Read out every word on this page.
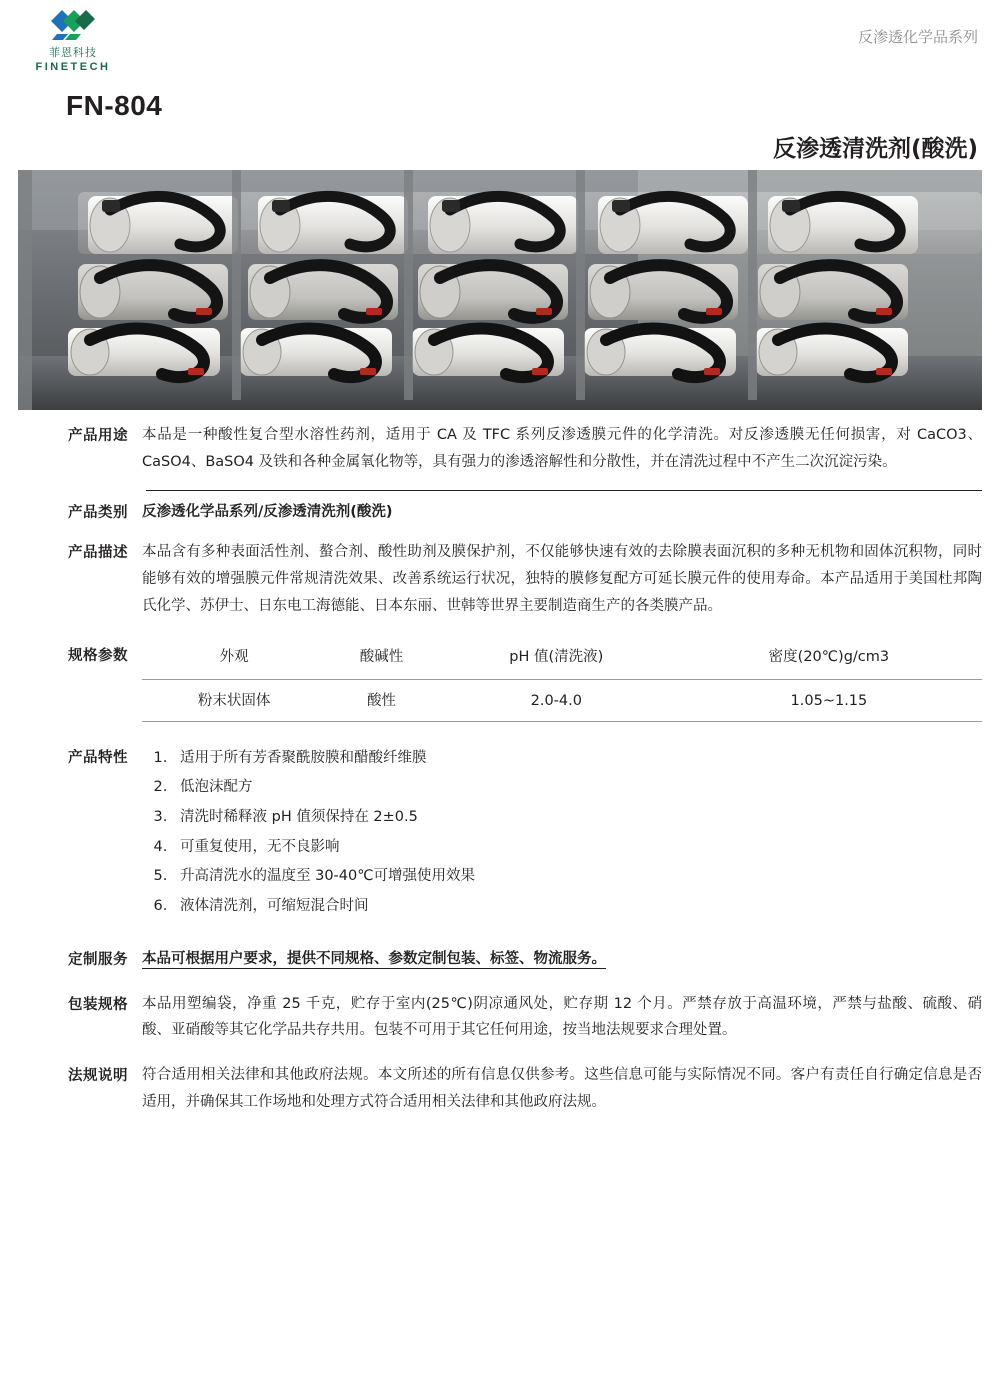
菲恩科技
FINETECH
反渗透化学品系列
FN-804
反渗透清洗剂(酸洗)
产品用途 本品是一种酸性复合型水溶性药剂，适用于 CA 及 TFC 系列反渗透膜元件的化学清洗。对反渗透膜无任何损害，对 CaCO3、CaSO4、BaSO4 及铁和各种金属氧化物等，具有强力的渗透溶解性和分散性，并在清洗过程中不产生二次沉淀污染。
产品类别 反渗透化学品系列/反渗透清洗剂(酸洗)
产品描述 本品含有多种表面活性剂、螯合剂、酸性助剂及膜保护剂，不仅能够快速有效的去除膜表面沉积的多种无机物和固体沉积物，同时能够有效的增强膜元件常规清洗效果、改善系统运行状况，独特的膜修复配方可延长膜元件的使用寿命。本产品适用于美国杜邦陶氏化学、苏伊士、日东电工海德能、日本东丽、世韩等世界主要制造商生产的各类膜产品。
规格参数	外观	酸碱性	pH 值(清洗液)	密度(20℃)g/cm3
粉末状固体	酸性	2.0-4.0	1.05~1.15
产品特性	1. 适用于所有芳香聚酰胺膜和醋酸纤维膜
2. 低泡沫配方
3. 清洗时稀释液 pH 值须保持在 2±0.5
4. 可重复使用，无不良影响
5. 升高清洗水的温度至 30-40℃可增强使用效果
6. 液体清洗剂，可缩短混合时间
定制服务 本品可根据用户要求，提供不同规格、参数定制包装、标签、物流服务。
包装规格 本品用塑编袋，净重 25 千克，贮存于室内(25℃)阴凉通风处，贮存期 12 个月。严禁存放于高温环境，严禁与盐酸、硫酸、硝酸、亚硝酸等其它化学品共存共用。包装不可用于其它任何用途，按当地法规要求合理处置。
法规说明 符合适用相关法律和其他政府法规。本文所述的所有信息仅供参考。这些信息可能与实际情况不同。客户有责任自行确定信息是否适用，并确保其工作场地和处理方式符合适用相关法律和其他政府法规。
